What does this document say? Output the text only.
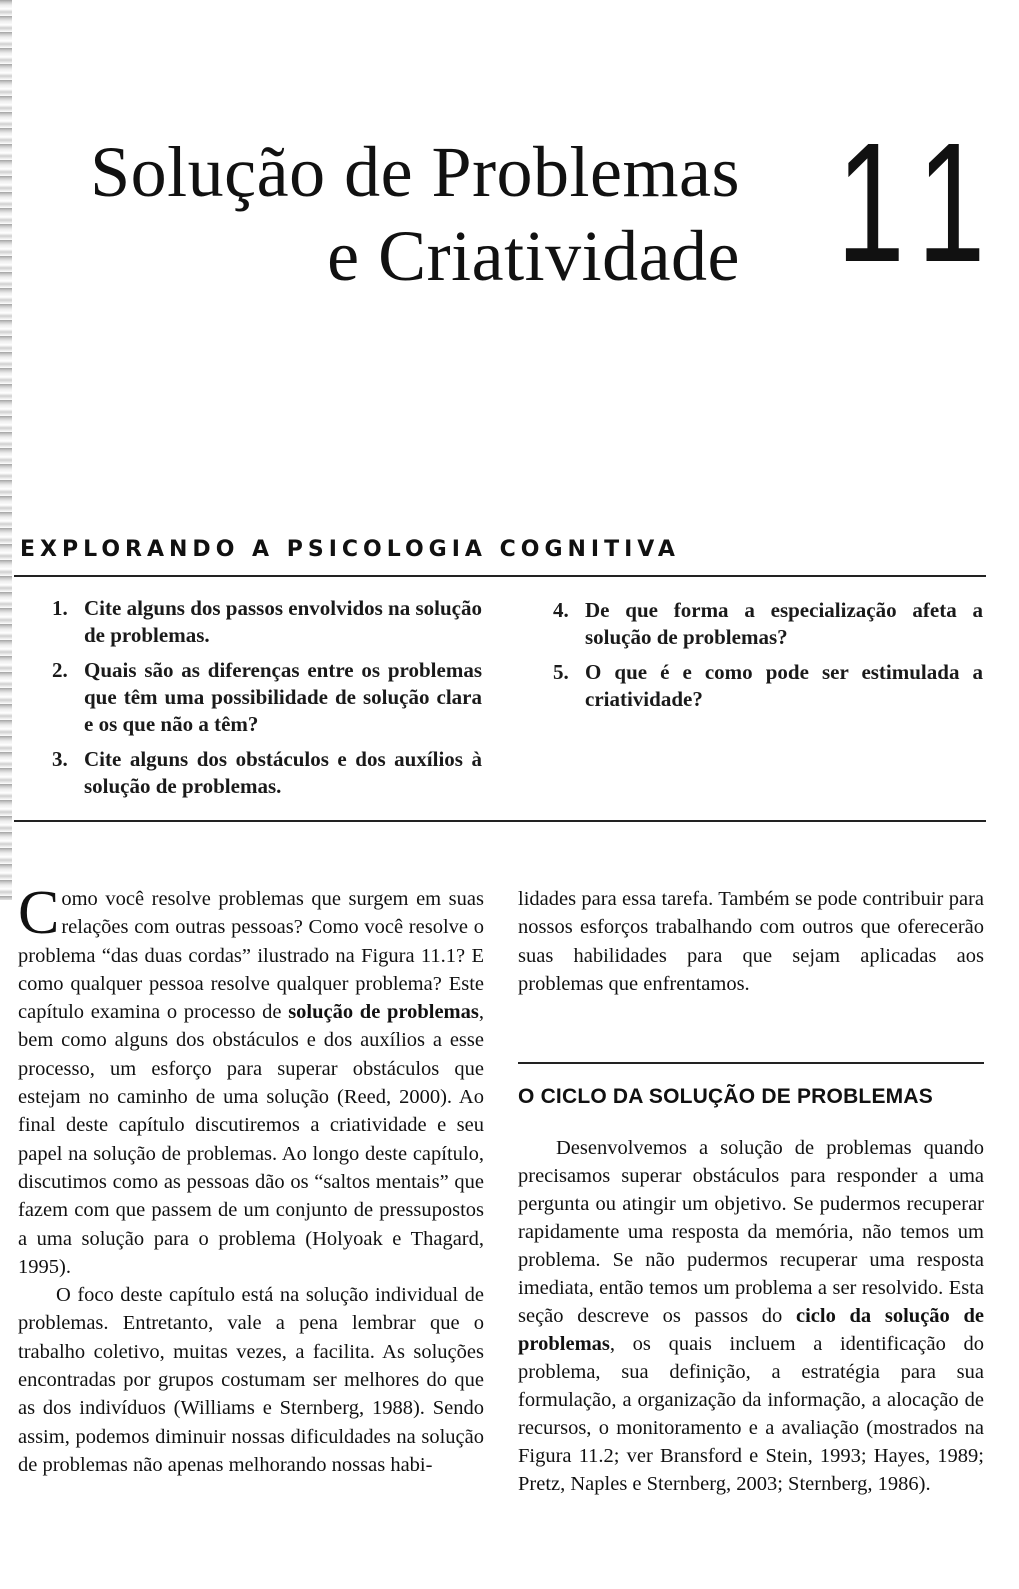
Solução de Problemas
e Criatividade 11
EXPLORANDO A PSICOLOGIA COGNITIVA
1. Cite alguns dos passos envolvidos na solução de problemas.
2. Quais são as diferenças entre os problemas que têm uma possibilidade de solução clara e os que não a têm?
3. Cite alguns dos obstáculos e dos auxílios à solução de problemas.
4. De que forma a especialização afeta a solução de problemas?
5. O que é e como pode ser estimulada a criatividade?

Como você resolve problemas que surgem em suas relações com outras pessoas? Como você resolve o problema “das duas cordas” ilustrado na Figura 11.1? E como qualquer pessoa resolve qualquer problema? Este capítulo examina o processo de solução de problemas, bem como alguns dos obstáculos e dos auxílios a esse processo, um esforço para superar obstáculos que estejam no caminho de uma solução (Reed, 2000). Ao final deste capítulo discutiremos a criatividade e seu papel na solução de problemas. Ao longo deste capítulo, discutimos como as pessoas dão os “saltos mentais” que fazem com que passem de um conjunto de pressupostos a uma solução para o problema (Holyoak e Thagard, 1995).

O foco deste capítulo está na solução individual de problemas. Entretanto, vale a pena lembrar que o trabalho coletivo, muitas vezes, a facilita. As soluções encontradas por grupos costumam ser melhores do que as dos indivíduos (Williams e Sternberg, 1988). Sendo assim, podemos diminuir nossas dificuldades na solução de problemas não apenas melhorando nossas habi-

lidades para essa tarefa. Também se pode contribuir para nossos esforços trabalhando com outros que oferecerão suas habilidades para que sejam aplicadas aos problemas que enfrentamos.

O CICLO DA SOLUÇÃO DE PROBLEMAS

Desenvolvemos a solução de problemas quando precisamos superar obstáculos para responder a uma pergunta ou atingir um objetivo. Se pudermos recuperar rapidamente uma resposta da memória, não temos um problema. Se não pudermos recuperar uma resposta imediata, então temos um problema a ser resolvido. Esta seção descreve os passos do ciclo da solução de problemas, os quais incluem a identificação do problema, sua definição, a estratégia para sua formulação, a organização da informação, a alocação de recursos, o monitoramento e a avaliação (mostrados na Figura 11.2; ver Bransford e Stein, 1993; Hayes, 1989; Pretz, Naples e Sternberg, 2003; Sternberg, 1986).
